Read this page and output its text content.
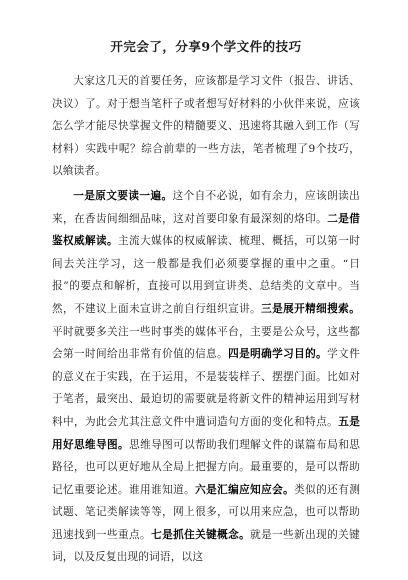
开完会了，分享9个学文件的技巧

大家这几天的首要任务，应该都是学习文件（报告、讲话、决议）了。对于想当笔杆子或者想写好材料的小伙伴来说，应该怎么学才能尽快掌握文件的精髓要义、迅速将其融入到工作（写材料）实践中呢？综合前辈的一些方法，笔者梳理了9个技巧，以飨读者。

一是原文要读一遍。这个自不必说，如有余力，应该朗读出来，在香齿间细细品味，这对首要印象有最深刻的烙印。二是借鉴权威解读。主流大媒体的权威解读、梳理、概括，可以第一时间去关注学习，这一般都是我们必须要掌握的重中之重。“日报”的要点和解析，直接可以用到宣讲类、总结类的文章中。当然，不建议上面未宣讲之前自行组织宣讲。三是展开精细搜索。平时就要多关注一些时事类的媒体平台，主要是公众号，这些都会第一时间给出非常有价值的信息。四是明确学习目的。学文件的意义在于实践，在于运用，不是装装样子、摆摆门面。比如对于笔者，最突出、最迫切的需要就是将新文件的精神运用到写材料中，为此会尤其注意文件中遣词造句方面的变化和特点。五是用好思维导图。思维导图可以帮助我们理解文件的谋篇布局和思路径，也可以更好地从全局上把握方向。最重要的，是可以帮助记忆重要论述。谁用谁知道。六是汇编应知应会。类似的还有测试题、笔记类解读等等，网上很多，可以用来应急，也可以帮助迅速找到一些重点。七是抓住关键概念。就是一些新出现的关键词，以及反复出现的词语，以这
